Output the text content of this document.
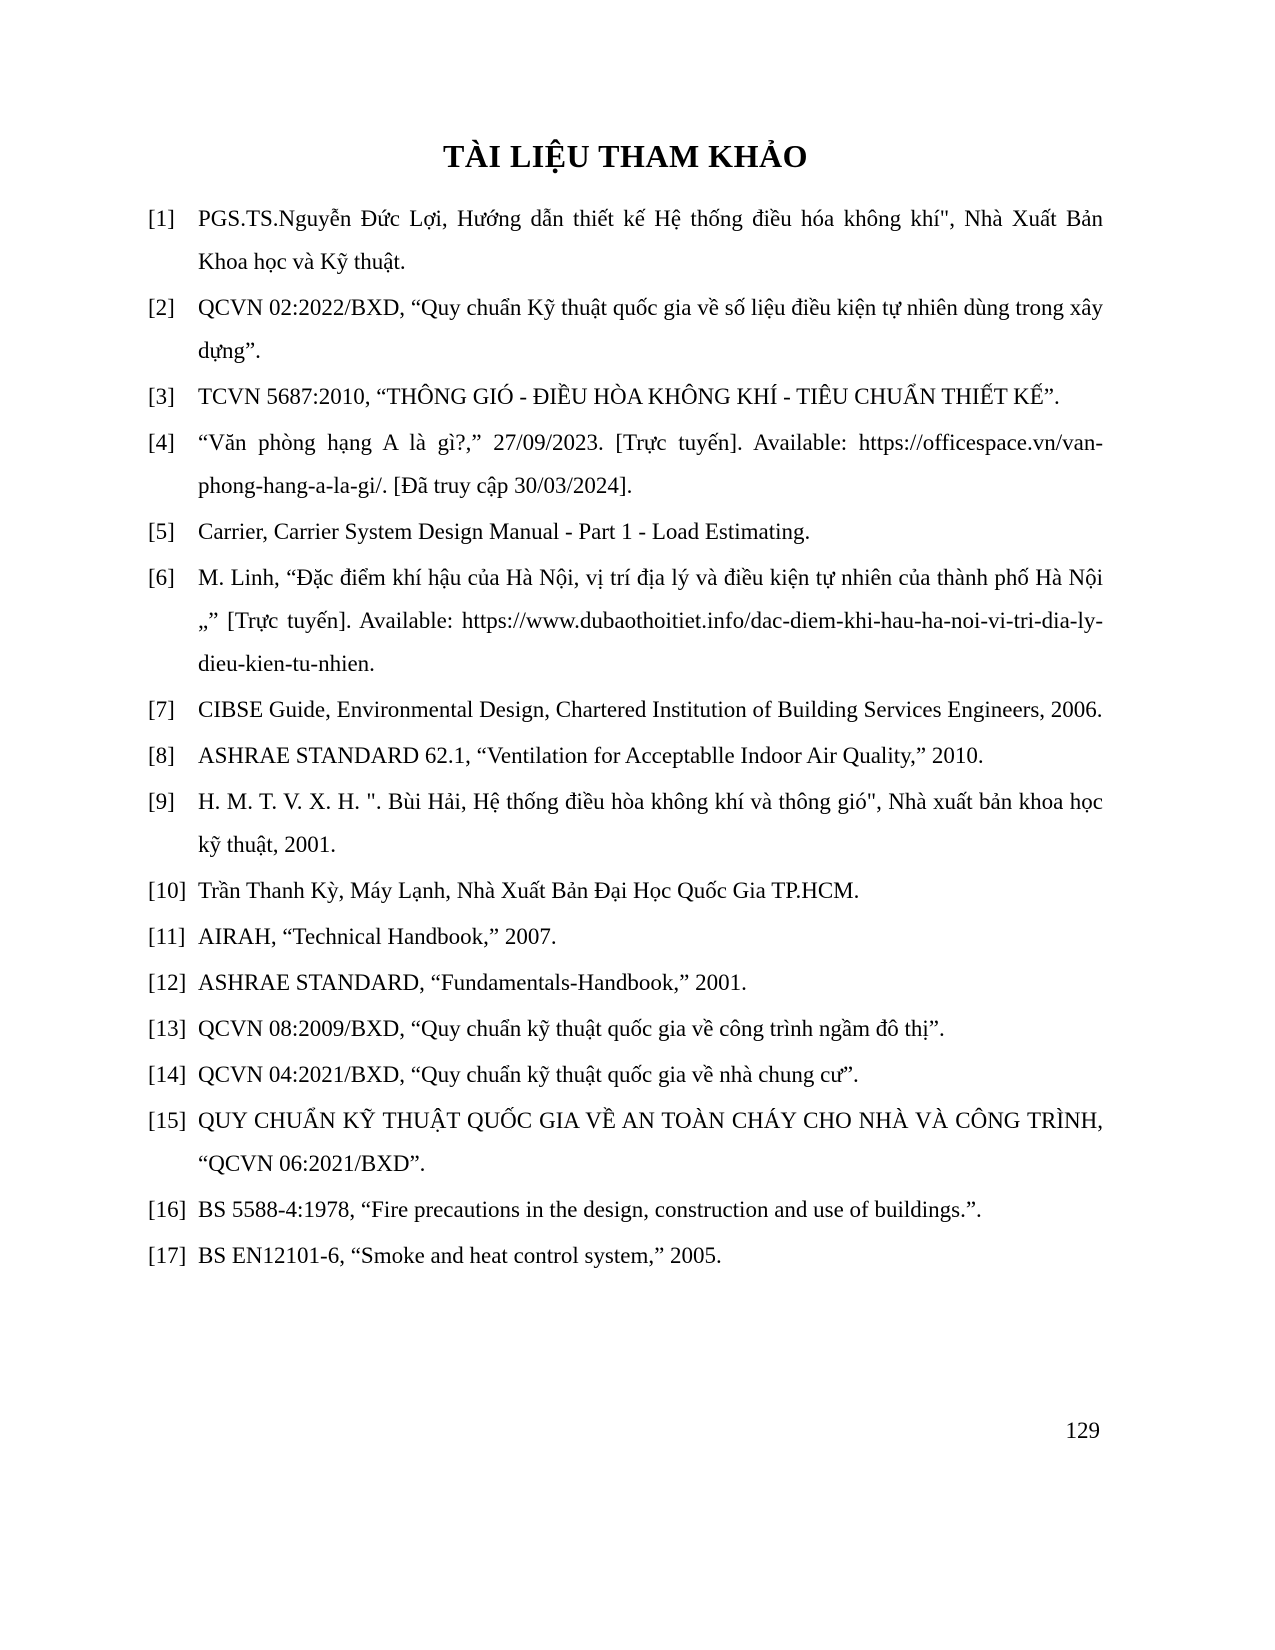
TÀI LIỆU THAM KHẢO
[1] PGS.TS.Nguyễn Đức Lợi, Hướng dẫn thiết kế Hệ thống điều hóa không khí", Nhà Xuất Bản Khoa học và Kỹ thuật.
[2] QCVN 02:2022/BXD, “Quy chuẩn Kỹ thuật quốc gia về số liệu điều kiện tự nhiên dùng trong xây dựng”.
[3] TCVN 5687:2010, “THÔNG GIÓ - ĐIỀU HÒA KHÔNG KHÍ - TIÊU CHUẨN THIẾT KẾ”.
[4] “Văn phòng hạng A là gì?,” 27/09/2023. [Trực tuyến]. Available: https://officespace.vn/van-phong-hang-a-la-gi/. [Đã truy cập 30/03/2024].
[5] Carrier, Carrier System Design Manual - Part 1 - Load Estimating.
[6] M. Linh, “Đặc điểm khí hậu của Hà Nội, vị trí địa lý và điều kiện tự nhiên của thành phố Hà Nội „” [Trực tuyến]. Available: https://www.dubaothoitiet.info/dac-diem-khi-hau-ha-noi-vi-tri-dia-ly-dieu-kien-tu-nhien.
[7] CIBSE Guide, Environmental Design, Chartered Institution of Building Services Engineers, 2006.
[8] ASHRAE STANDARD 62.1, “Ventilation for Acceptablle Indoor Air Quality,” 2010.
[9] H. M. T. V. X. H. ". Bùi Hải, Hệ thống điều hòa không khí và thông gió", Nhà xuất bản khoa học kỹ thuật, 2001.
[10] Trần Thanh Kỳ, Máy Lạnh, Nhà Xuất Bản Đại Học Quốc Gia TP.HCM.
[11] AIRAH, “Technical Handbook,” 2007.
[12] ASHRAE STANDARD, “Fundamentals-Handbook,” 2001.
[13] QCVN 08:2009/BXD, “Quy chuẩn kỹ thuật quốc gia về công trình ngầm đô thị”.
[14] QCVN 04:2021/BXD, “Quy chuẩn kỹ thuật quốc gia về nhà chung cư”.
[15] QUY CHUẨN KỸ THUẬT QUỐC GIA VỀ AN TOÀN CHÁY CHO NHÀ VÀ CÔNG TRÌNH, “QCVN 06:2021/BXD”.
[16] BS 5588-4:1978, “Fire precautions in the design, construction and use of buildings.”.
[17] BS EN12101-6, “Smoke and heat control system,” 2005.
129
